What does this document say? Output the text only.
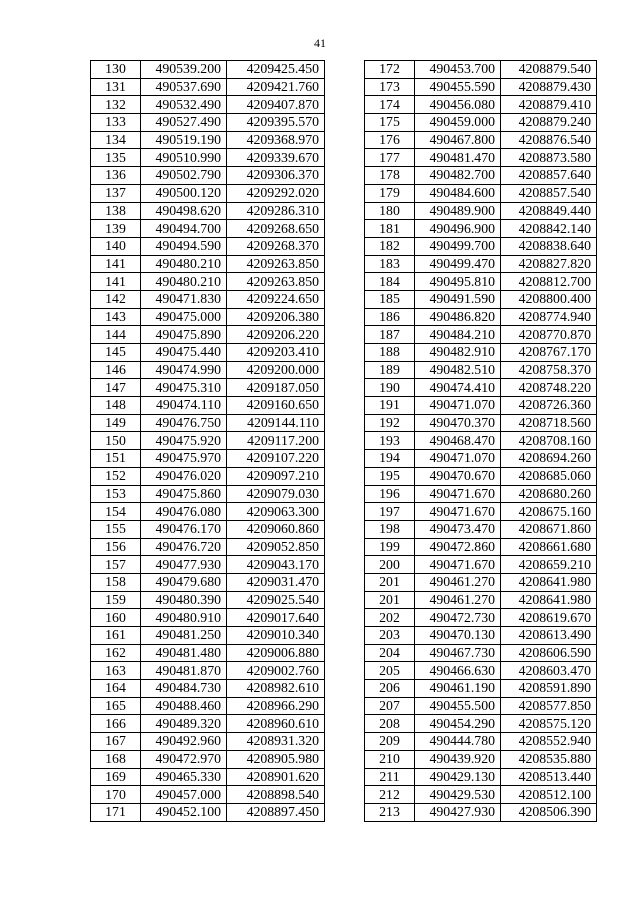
41
130	490539.200	4209425.450
131	490537.690	4209421.760
132	490532.490	4209407.870
133	490527.490	4209395.570
134	490519.190	4209368.970
135	490510.990	4209339.670
136	490502.790	4209306.370
137	490500.120	4209292.020
138	490498.620	4209286.310
139	490494.700	4209268.650
140	490494.590	4209268.370
141	490480.210	4209263.850
141	490480.210	4209263.850
142	490471.830	4209224.650
143	490475.000	4209206.380
144	490475.890	4209206.220
145	490475.440	4209203.410
146	490474.990	4209200.000
147	490475.310	4209187.050
148	490474.110	4209160.650
149	490476.750	4209144.110
150	490475.920	4209117.200
151	490475.970	4209107.220
152	490476.020	4209097.210
153	490475.860	4209079.030
154	490476.080	4209063.300
155	490476.170	4209060.860
156	490476.720	4209052.850
157	490477.930	4209043.170
158	490479.680	4209031.470
159	490480.390	4209025.540
160	490480.910	4209017.640
161	490481.250	4209010.340
162	490481.480	4209006.880
163	490481.870	4209002.760
164	490484.730	4208982.610
165	490488.460	4208966.290
166	490489.320	4208960.610
167	490492.960	4208931.320
168	490472.970	4208905.980
169	490465.330	4208901.620
170	490457.000	4208898.540
171	490452.100	4208897.450
172	490453.700	4208879.540
173	490455.590	4208879.430
174	490456.080	4208879.410
175	490459.000	4208879.240
176	490467.800	4208876.540
177	490481.470	4208873.580
178	490482.700	4208857.640
179	490484.600	4208857.540
180	490489.900	4208849.440
181	490496.900	4208842.140
182	490499.700	4208838.640
183	490499.470	4208827.820
184	490495.810	4208812.700
185	490491.590	4208800.400
186	490486.820	4208774.940
187	490484.210	4208770.870
188	490482.910	4208767.170
189	490482.510	4208758.370
190	490474.410	4208748.220
191	490471.070	4208726.360
192	490470.370	4208718.560
193	490468.470	4208708.160
194	490471.070	4208694.260
195	490470.670	4208685.060
196	490471.670	4208680.260
197	490471.670	4208675.160
198	490473.470	4208671.860
199	490472.860	4208661.680
200	490471.670	4208659.210
201	490461.270	4208641.980
201	490461.270	4208641.980
202	490472.730	4208619.670
203	490470.130	4208613.490
204	490467.730	4208606.590
205	490466.630	4208603.470
206	490461.190	4208591.890
207	490455.500	4208577.850
208	490454.290	4208575.120
209	490444.780	4208552.940
210	490439.920	4208535.880
211	490429.130	4208513.440
212	490429.530	4208512.100
213	490427.930	4208506.390
